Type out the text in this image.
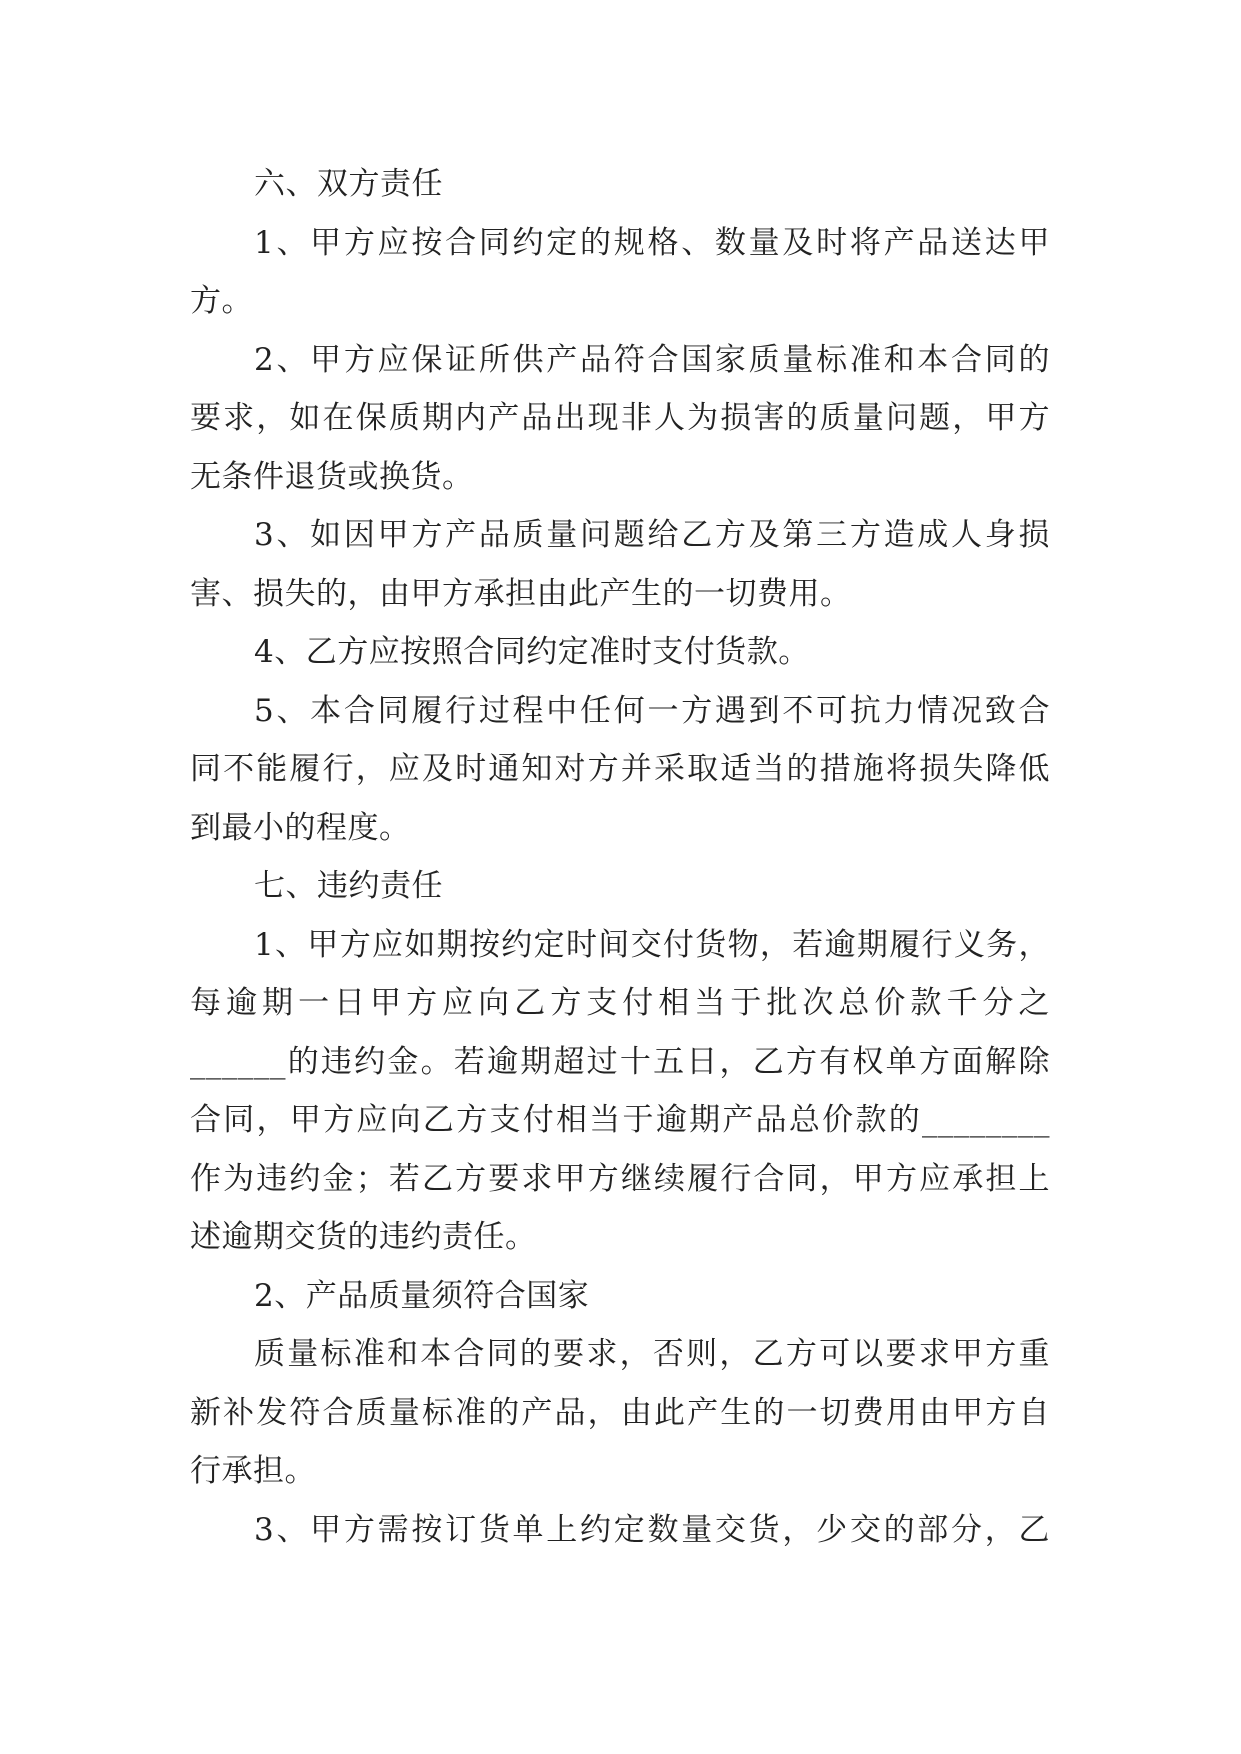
六、双方责任
1、甲方应按合同约定的规格、数量及时将产品送达甲
方。
2、甲方应保证所供产品符合国家质量标准和本合同的
要求，如在保质期内产品出现非人为损害的质量问题，甲方
无条件退货或换货。
3、如因甲方产品质量问题给乙方及第三方造成人身损
害、损失的，由甲方承担由此产生的一切费用。
4、乙方应按照合同约定准时支付货款。
5、本合同履行过程中任何一方遇到不可抗力情况致合
同不能履行，应及时通知对方并采取适当的措施将损失降低
到最小的程度。
七、违约责任
1、甲方应如期按约定时间交付货物，若逾期履行义务，
每逾期一日甲方应向乙方支付相当于批次总价款千分之
______的违约金。若逾期超过十五日，乙方有权单方面解除
合同，甲方应向乙方支付相当于逾期产品总价款的________
作为违约金；若乙方要求甲方继续履行合同，甲方应承担上
述逾期交货的违约责任。
2、产品质量须符合国家
质量标准和本合同的要求，否则，乙方可以要求甲方重
新补发符合质量标准的产品，由此产生的一切费用由甲方自
行承担。
3、甲方需按订货单上约定数量交货，少交的部分，乙
